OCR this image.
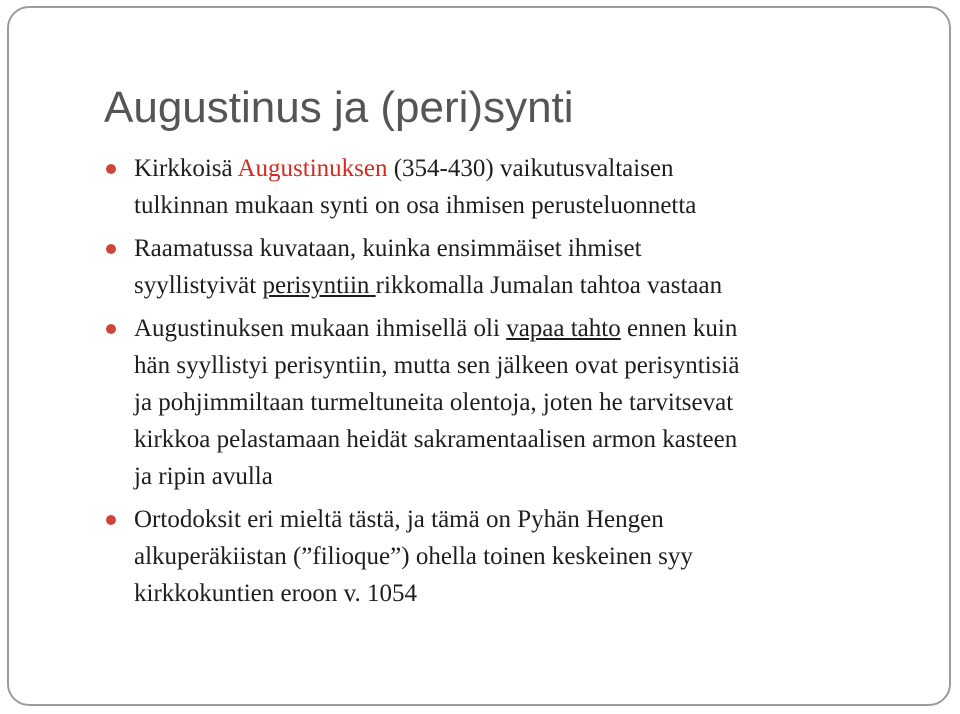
Augustinus ja (peri)synti
Kirkkoisä Augustinuksen (354-430) vaikutusvaltaisen
tulkinnan mukaan synti on osa ihmisen perusteluonnetta
Raamatussa kuvataan, kuinka ensimmäiset ihmiset
syyllistyivät perisyntiin rikkomalla Jumalan tahtoa vastaan
Augustinuksen mukaan ihmisellä oli vapaa tahto ennen kuin
hän syyllistyi perisyntiin, mutta sen jälkeen ovat perisyntisiä
ja pohjimmiltaan turmeltuneita olentoja, joten he tarvitsevat
kirkkoa pelastamaan heidät sakramentaalisen armon kasteen
ja ripin avulla
Ortodoksit eri mieltä tästä, ja tämä on Pyhän Hengen
alkuperäkiistan (”filioque”) ohella toinen keskeinen syy
kirkkokuntien eroon v. 1054
